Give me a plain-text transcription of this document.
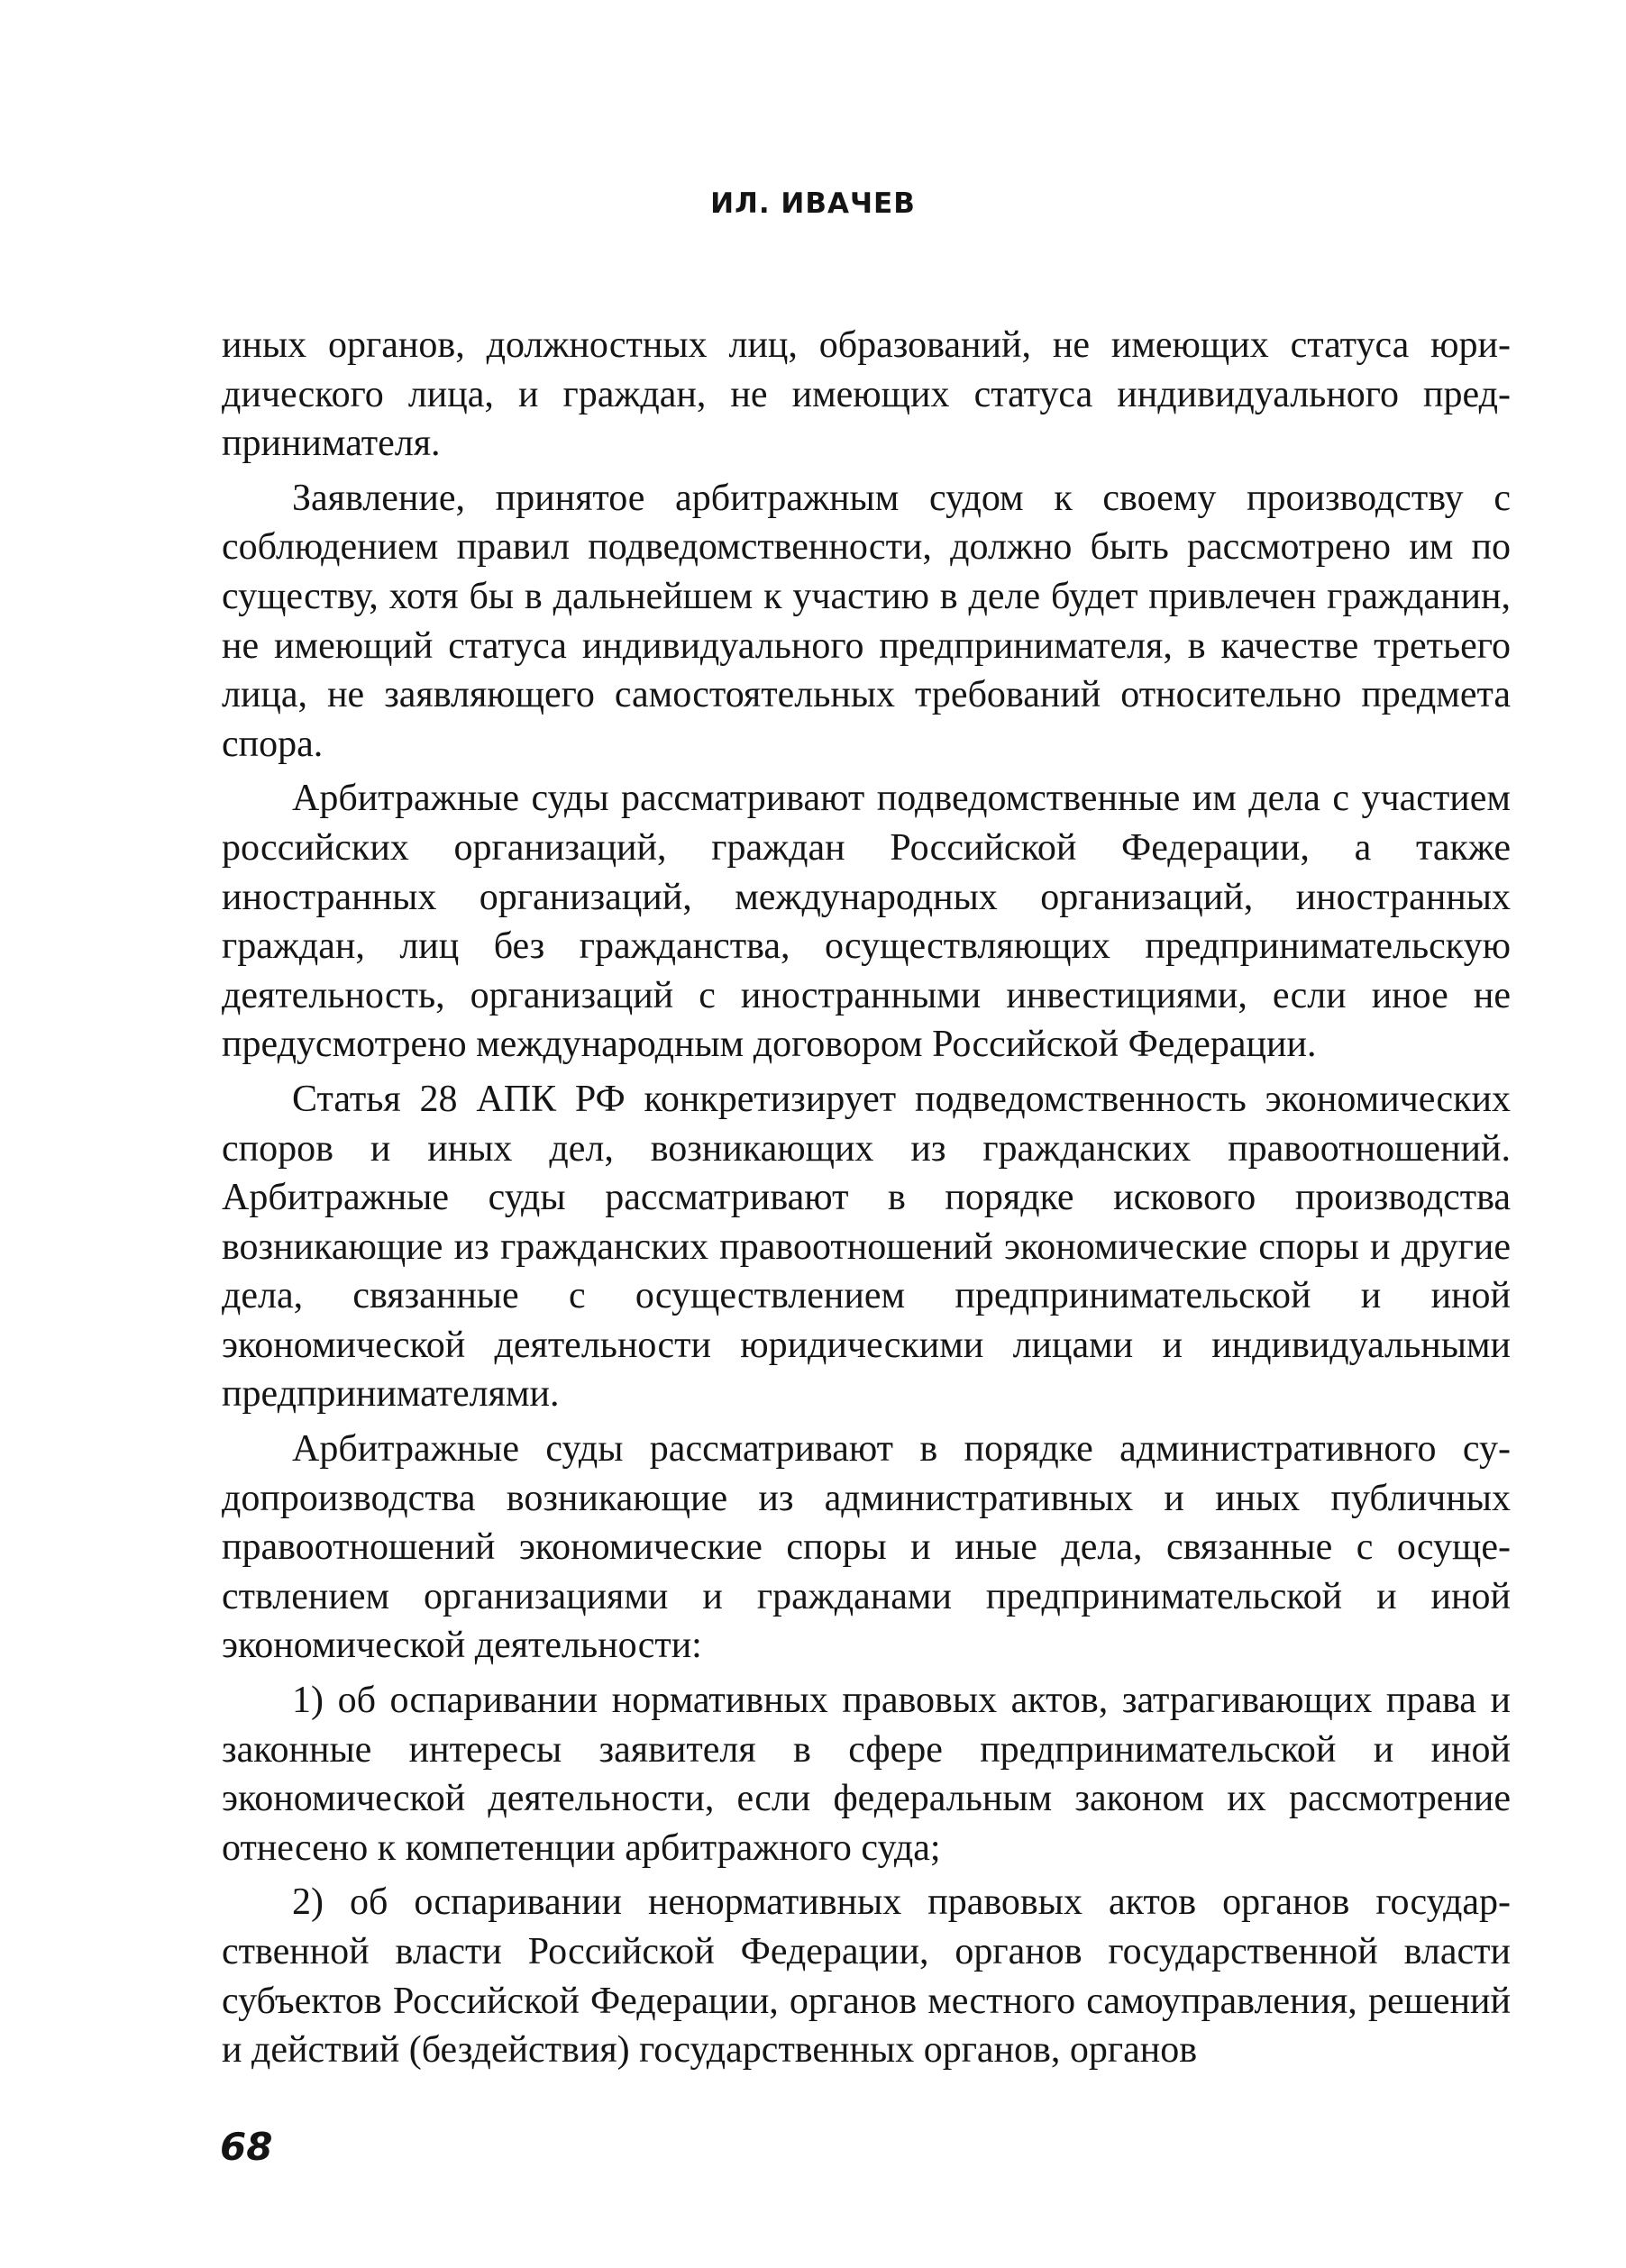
ИЛ. ИВАЧЕВ

иных органов, должностных лиц, образований, не имеющих статуса юридического лица, и граждан, не имеющих статуса индивидуального предпринимателя.

Заявление, принятое арбитражным судом к своему производству с соблюдением правил подведомственности, должно быть рассмотрено им по существу, хотя бы в дальнейшем к участию в деле будет привлечен гражданин, не имеющий статуса индивидуального предпринимателя, в качестве третьего лица, не заявляющего самостоятельных требований относительно предмета спора.

Арбитражные суды рассматривают подведомственные им дела с участием российских организаций, граждан Российской Федерации, а также иностранных организаций, международных организаций, иностранных граждан, лиц без гражданства, осуществляющих предпринимательскую деятельность, организаций с иностранными инвестициями, если иное не предусмотрено международным договором Российской Федерации.

Статья 28 АПК РФ конкретизирует подведомственность экономических споров и иных дел, возникающих из гражданских правоотношений. Арбитражные суды рассматривают в порядке искового производства возникающие из гражданских правоотношений экономические споры и другие дела, связанные с осуществлением предпринимательской и иной экономической деятельности юридическими лицами и индивидуальными предпринимателями.

Арбитражные суды рассматривают в порядке административного судопроизводства возникающие из административных и иных публичных правоотношений экономические споры и иные дела, связанные с осуществлением организациями и гражданами предпринимательской и иной экономической деятельности:

1) об оспаривании нормативных правовых актов, затрагивающих права и законные интересы заявителя в сфере предпринимательской и иной экономической деятельности, если федеральным законом их рассмотрение отнесено к компетенции арбитражного суда;

2) об оспаривании ненормативных правовых актов органов государственной власти Российской Федерации, органов государственной власти субъектов Российской Федерации, органов местного самоуправления, решений и действий (бездействия) государственных органов, органов

68
